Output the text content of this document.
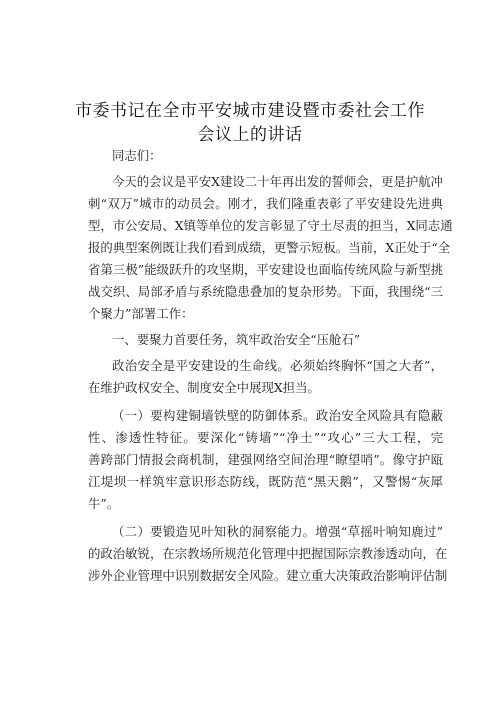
市委书记在全市平安城市建设暨市委社会工作
会议上的讲话
同志们：
今天的会议是平安X建设二十年再出发的誓师会，更是护航冲
刺“双万”城市的动员会。刚才，我们隆重表彰了平安建设先进典
型，市公安局、X镇等单位的发言彰显了守土尽责的担当，X同志通
报的典型案例既让我们看到成绩，更警示短板。当前，X正处于“全
省第三极”能级跃升的攻坚期，平安建设也面临传统风险与新型挑
战交织、局部矛盾与系统隐患叠加的复杂形势。下面，我围绕“三
个聚力”部署工作：
一、要聚力首要任务，筑牢政治安全“压舱石”
政治安全是平安建设的生命线。必须始终胸怀“国之大者”，
在维护政权安全、制度安全中展现X担当。
（一）要构建铜墙铁壁的防御体系。政治安全风险具有隐蔽
性、渗透性特征。要深化“铸墙”“净土”“攻心”三大工程，完
善跨部门情报会商机制，建强网络空间治理“瞭望哨”。像守护瓯
江堤坝一样筑牢意识形态防线，既防范“黑天鹅”，又警惕“灰犀
牛”。
（二）要锻造见叶知秋的洞察能力。增强“草摇叶响知鹿过”
的政治敏锐，在宗教场所规范化管理中把握国际宗教渗透动向，在
涉外企业管理中识别数据安全风险。建立重大决策政治影响评估制
